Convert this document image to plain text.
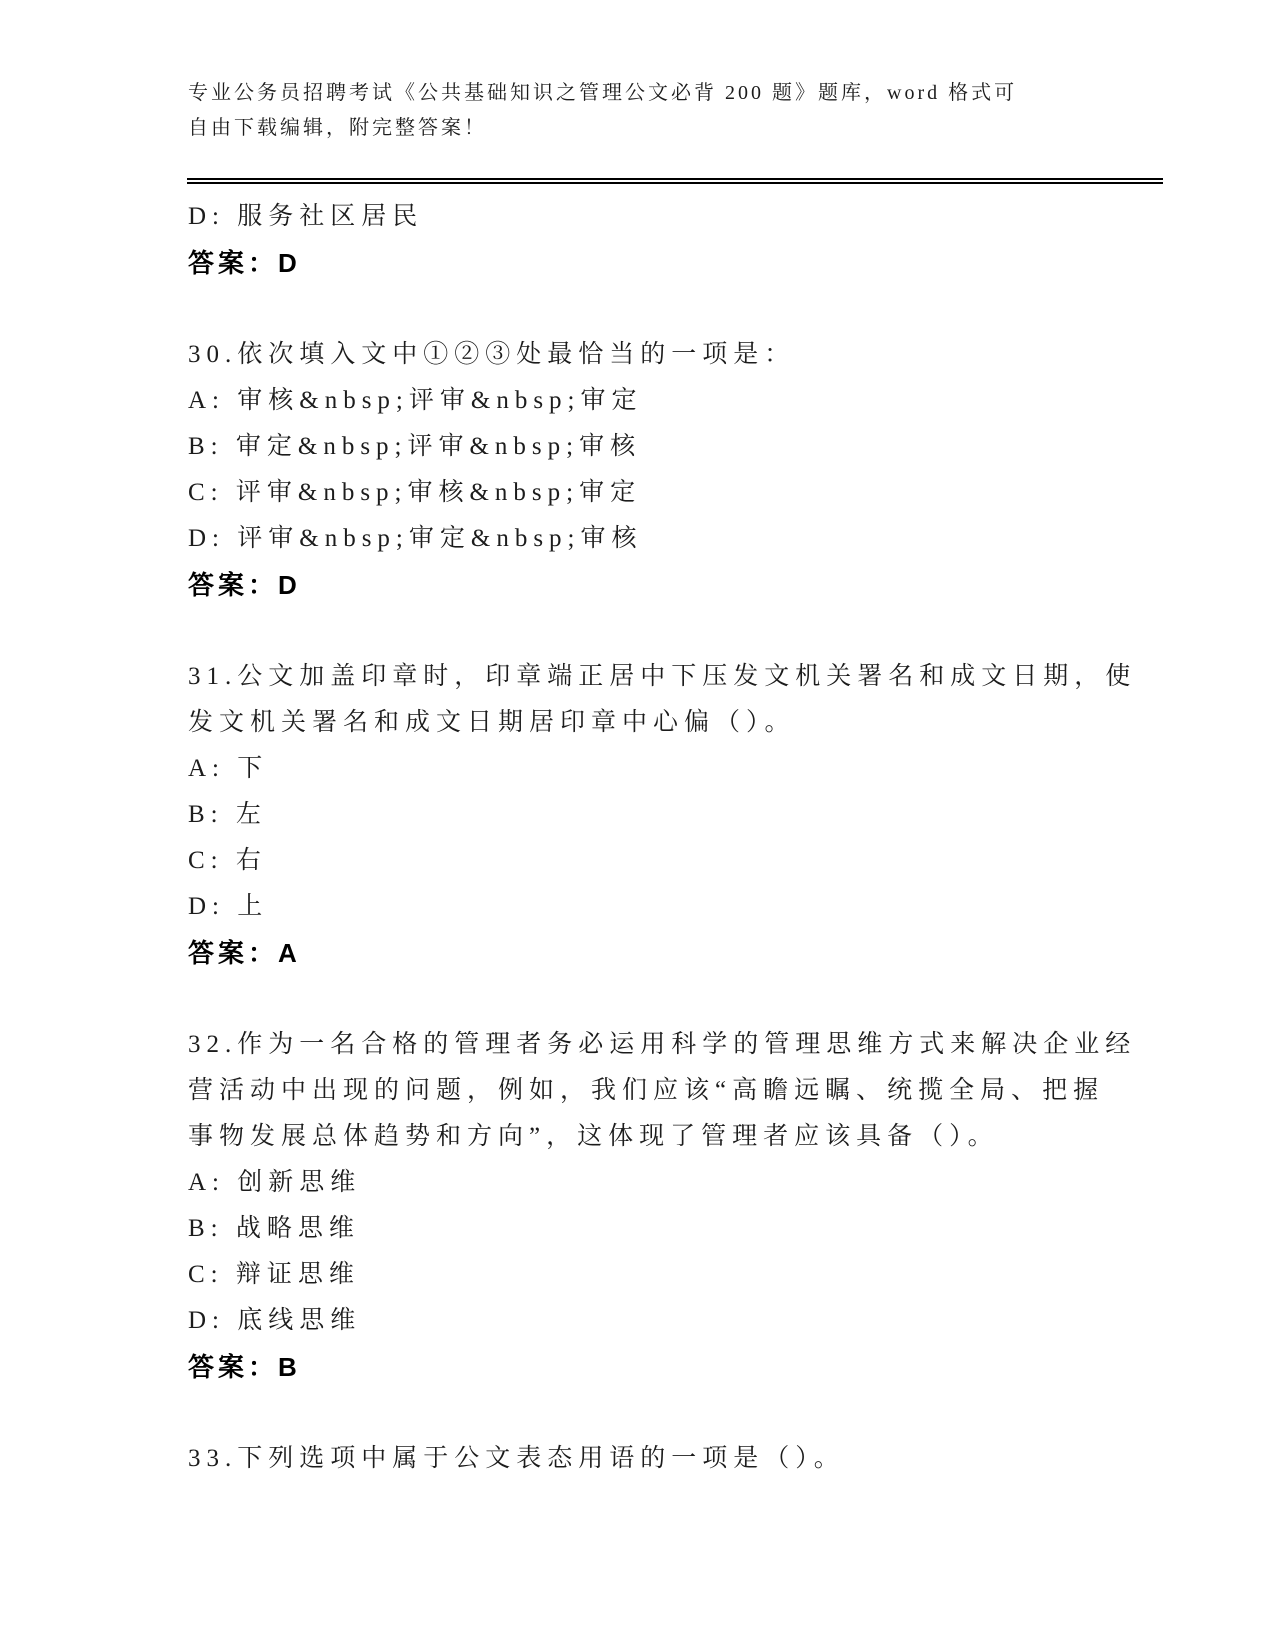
专业公务员招聘考试《公共基础知识之管理公文必背 200 题》题库，word 格式可
自由下载编辑，附完整答案！
D: 服务社区居民
答案：D
30.依次填入文中①②③处最恰当的一项是：
A: 审核&nbsp;评审&nbsp;审定
B: 审定&nbsp;评审&nbsp;审核
C: 评审&nbsp;审核&nbsp;审定
D: 评审&nbsp;审定&nbsp;审核
答案：D
31.公文加盖印章时，印章端正居中下压发文机关署名和成文日期，使
发文机关署名和成文日期居印章中心偏（）。
A: 下
B: 左
C: 右
D: 上
答案：A
32.作为一名合格的管理者务必运用科学的管理思维方式来解决企业经
营活动中出现的问题，例如，我们应该“高瞻远瞩、统揽全局、把握
事物发展总体趋势和方向”，这体现了管理者应该具备（）。
A: 创新思维
B: 战略思维
C: 辩证思维
D: 底线思维
答案：B
33.下列选项中属于公文表态用语的一项是（）。
